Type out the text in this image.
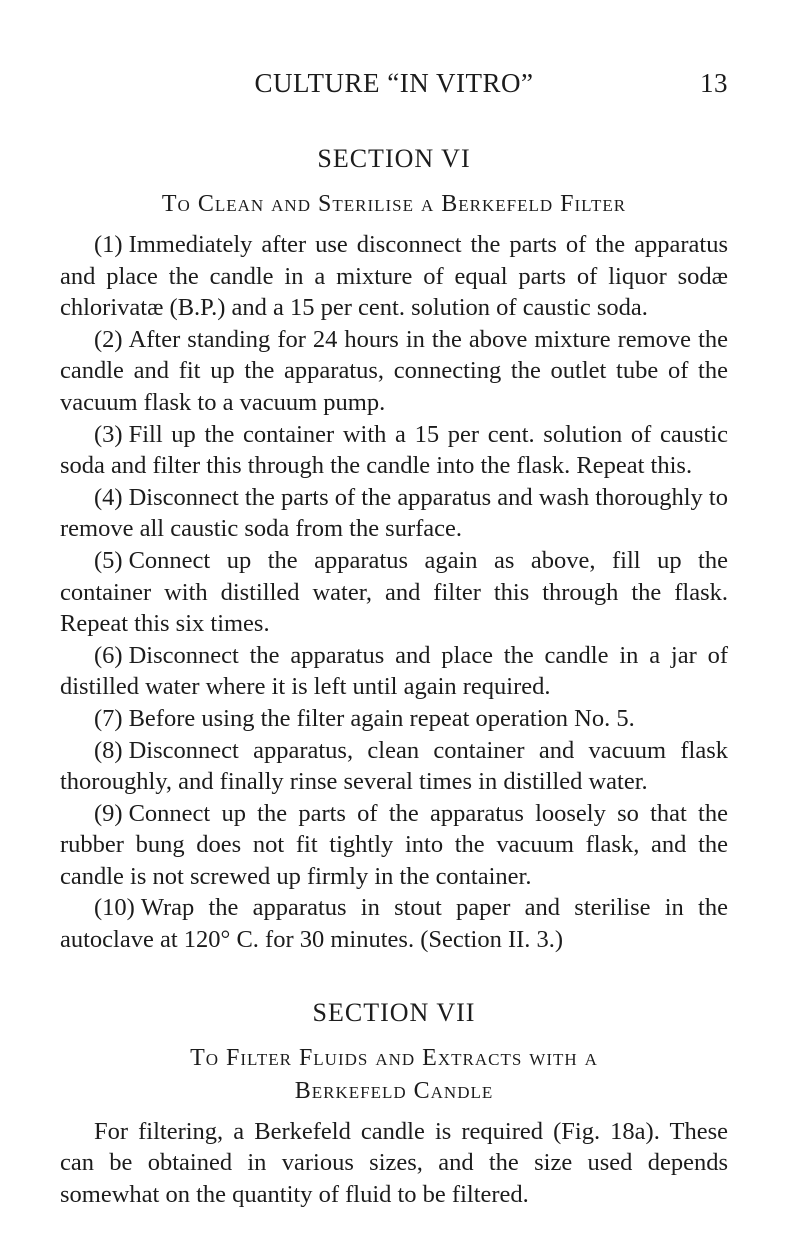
CULTURE “IN VITRO”	13
SECTION VI
To Clean and Sterilise a Berkefeld Filter

(1) Immediately after use disconnect the parts of the apparatus and place the candle in a mixture of equal parts of liquor sodæ chlorivatæ (B.P.) and a 15 per cent. solution of caustic soda.

(2) After standing for 24 hours in the above mixture remove the candle and fit up the apparatus, connecting the outlet tube of the vacuum flask to a vacuum pump.

(3) Fill up the container with a 15 per cent. solution of caustic soda and filter this through the candle into the flask. Repeat this.

(4) Disconnect the parts of the apparatus and wash thoroughly to remove all caustic soda from the surface.

(5) Connect up the apparatus again as above, fill up the container with distilled water, and filter this through the flask. Repeat this six times.

(6) Disconnect the apparatus and place the candle in a jar of distilled water where it is left until again required.

(7) Before using the filter again repeat operation No. 5.

(8) Disconnect apparatus, clean container and vacuum flask thoroughly, and finally rinse several times in distilled water.

(9) Connect up the parts of the apparatus loosely so that the rubber bung does not fit tightly into the vacuum flask, and the candle is not screwed up firmly in the container.

(10) Wrap the apparatus in stout paper and sterilise in the autoclave at 120° C. for 30 minutes. (Section II. 3.)

SECTION VII
To Filter Fluids and Extracts with a
Berkefeld Candle

For filtering, a Berkefeld candle is required (Fig. 18a). These can be obtained in various sizes, and the size used depends somewhat on the quantity of fluid to be filtered.
